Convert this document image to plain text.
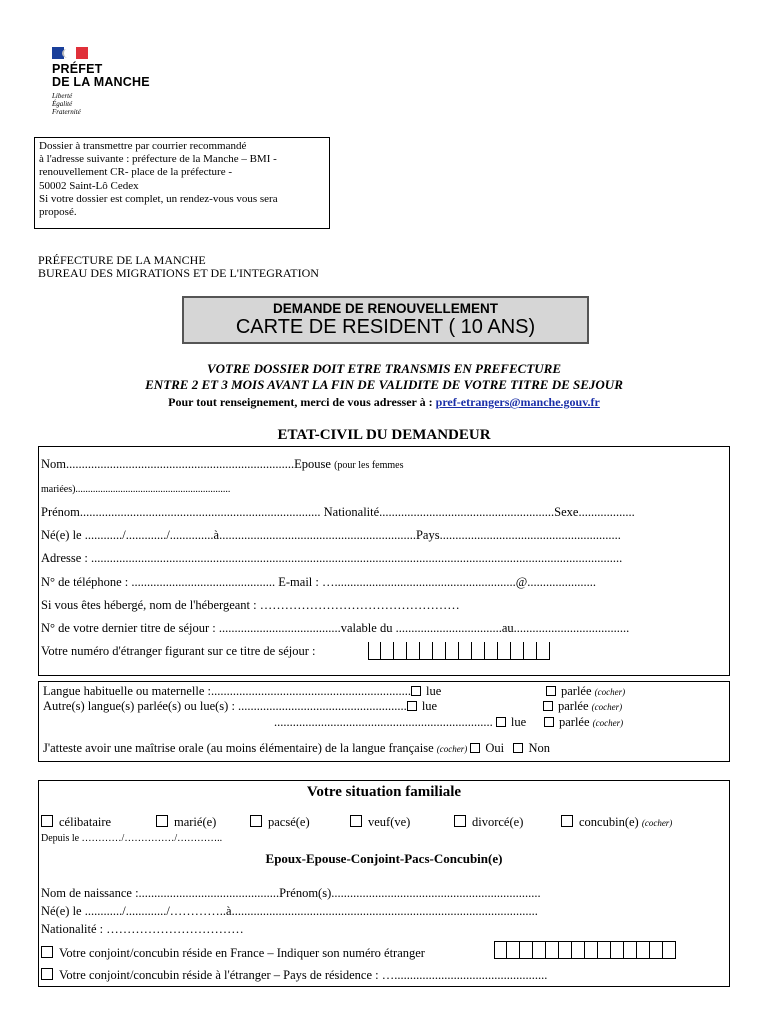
PRÉFET
DE LA MANCHE
Liberté
Égalité
Fraternité
Dossier à transmettre par courrier recommandé
à l'adresse suivante : préfecture de la Manche – BMI -
renouvellement CR- place de la préfecture -
50002 Saint-Lô Cedex
Si votre dossier est complet, un rendez-vous vous sera
proposé.
PRÉFECTURE DE LA MANCHE
BUREAU DES MIGRATIONS ET DE L'INTEGRATION
DEMANDE DE RENOUVELLEMENT
CARTE DE RESIDENT ( 10 ANS)
VOTRE DOSSIER DOIT ETRE TRANSMIS EN PREFECTURE
ENTRE 2 ET 3 MOIS AVANT LA FIN DE VALIDITE DE VOTRE TITRE DE SEJOUR
Pour tout renseignement, merci de vous adresser à : pref-etrangers@manche.gouv.fr
ETAT-CIVIL DU DEMANDEUR
Nom.........................................................................Epouse (pour les femmes
mariées)..............................................................
Prénom............................................................................. Nationalité........................................................Sexe..................
Né(e) le ............/............./..............à...............................................................Pays..........................................................
Adresse : ..........................................................................................................................................................................
N° de téléphone : .............................................. E-mail : …..........................................................@......................
Si vous êtes hébergé, nom de l'hébergeant : …………………………………………
N° de votre dernier titre de séjour : .......................................valable du ..................................au.....................................
Votre numéro d'étranger figurant sur ce titre de séjour :
Langue habituelle ou maternelle :................................................................ lue	parlée (cocher)
Autre(s) langue(s) parlée(s) ou lue(s) : ...................................................... lue	parlée (cocher)
...................................................................... lue	parlée (cocher)
J'atteste avoir une maîtrise orale (au moins élémentaire) de la langue française (cocher) Oui Non
Votre situation familiale
célibataire	marié(e)	pacsé(e)	veuf(ve)	divorcé(e)	concubin(e) (cocher)
Depuis le …………/……………/…………..
Epoux-Epouse-Conjoint-Pacs-Concubin(e)
Nom de naissance :.............................................Prénom(s)...................................................................
Né(e) le ............/............./…………..à..................................................................................................
Nationalité : ……………………………
Votre conjoint/concubin réside en France – Indiquer son numéro étranger
Votre conjoint/concubin réside à l'étranger – Pays de résidence : ….................................................
